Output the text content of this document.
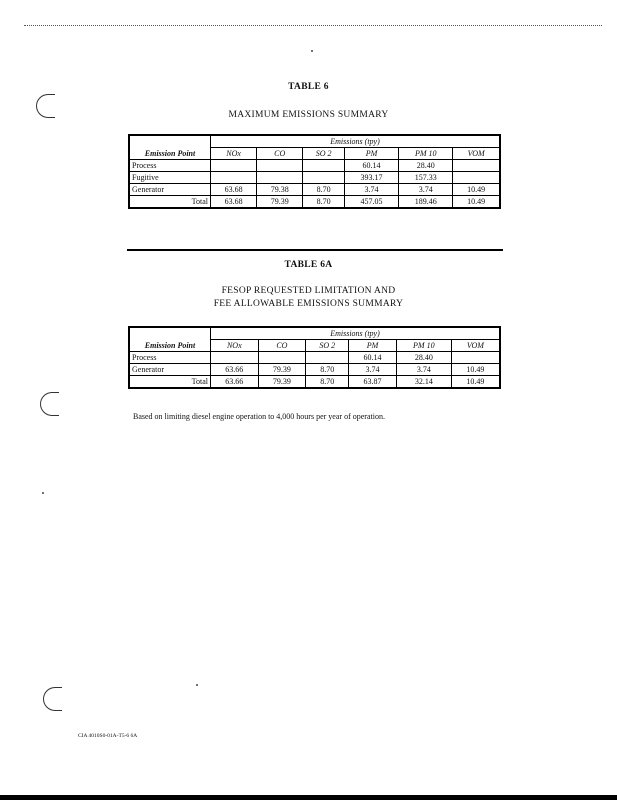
TABLE 6
MAXIMUM EMISSIONS SUMMARY
	Emissions (tpy)					
Emission Point	NOx	CO	SO 2	PM	PM 10	VOM
Process				60.14	28.40	
Fugitive				393.17	157.33	
Generator	63.68	79.38	8.70	3.74	3.74	10.49
Total	63.68	79.39	8.70	457.05	189.46	10.49
TABLE 6A
FESOP REQUESTED LIMITATION AND
FEE ALLOWABLE EMISSIONS SUMMARY
	Emissions (tpy)					
Emission Point	NOx	CO	SO 2	PM	PM 10	VOM
Process				60.14	28.40	
Generator	63.66	79.39	8.70	3.74	3.74	10.49
Total	63.66	79.39	8.70	63.87	32.14	10.49
Based on limiting diesel engine operation to 4,000 hours per year of operation.
CIA 4010S0-01A-T5-6 6A
